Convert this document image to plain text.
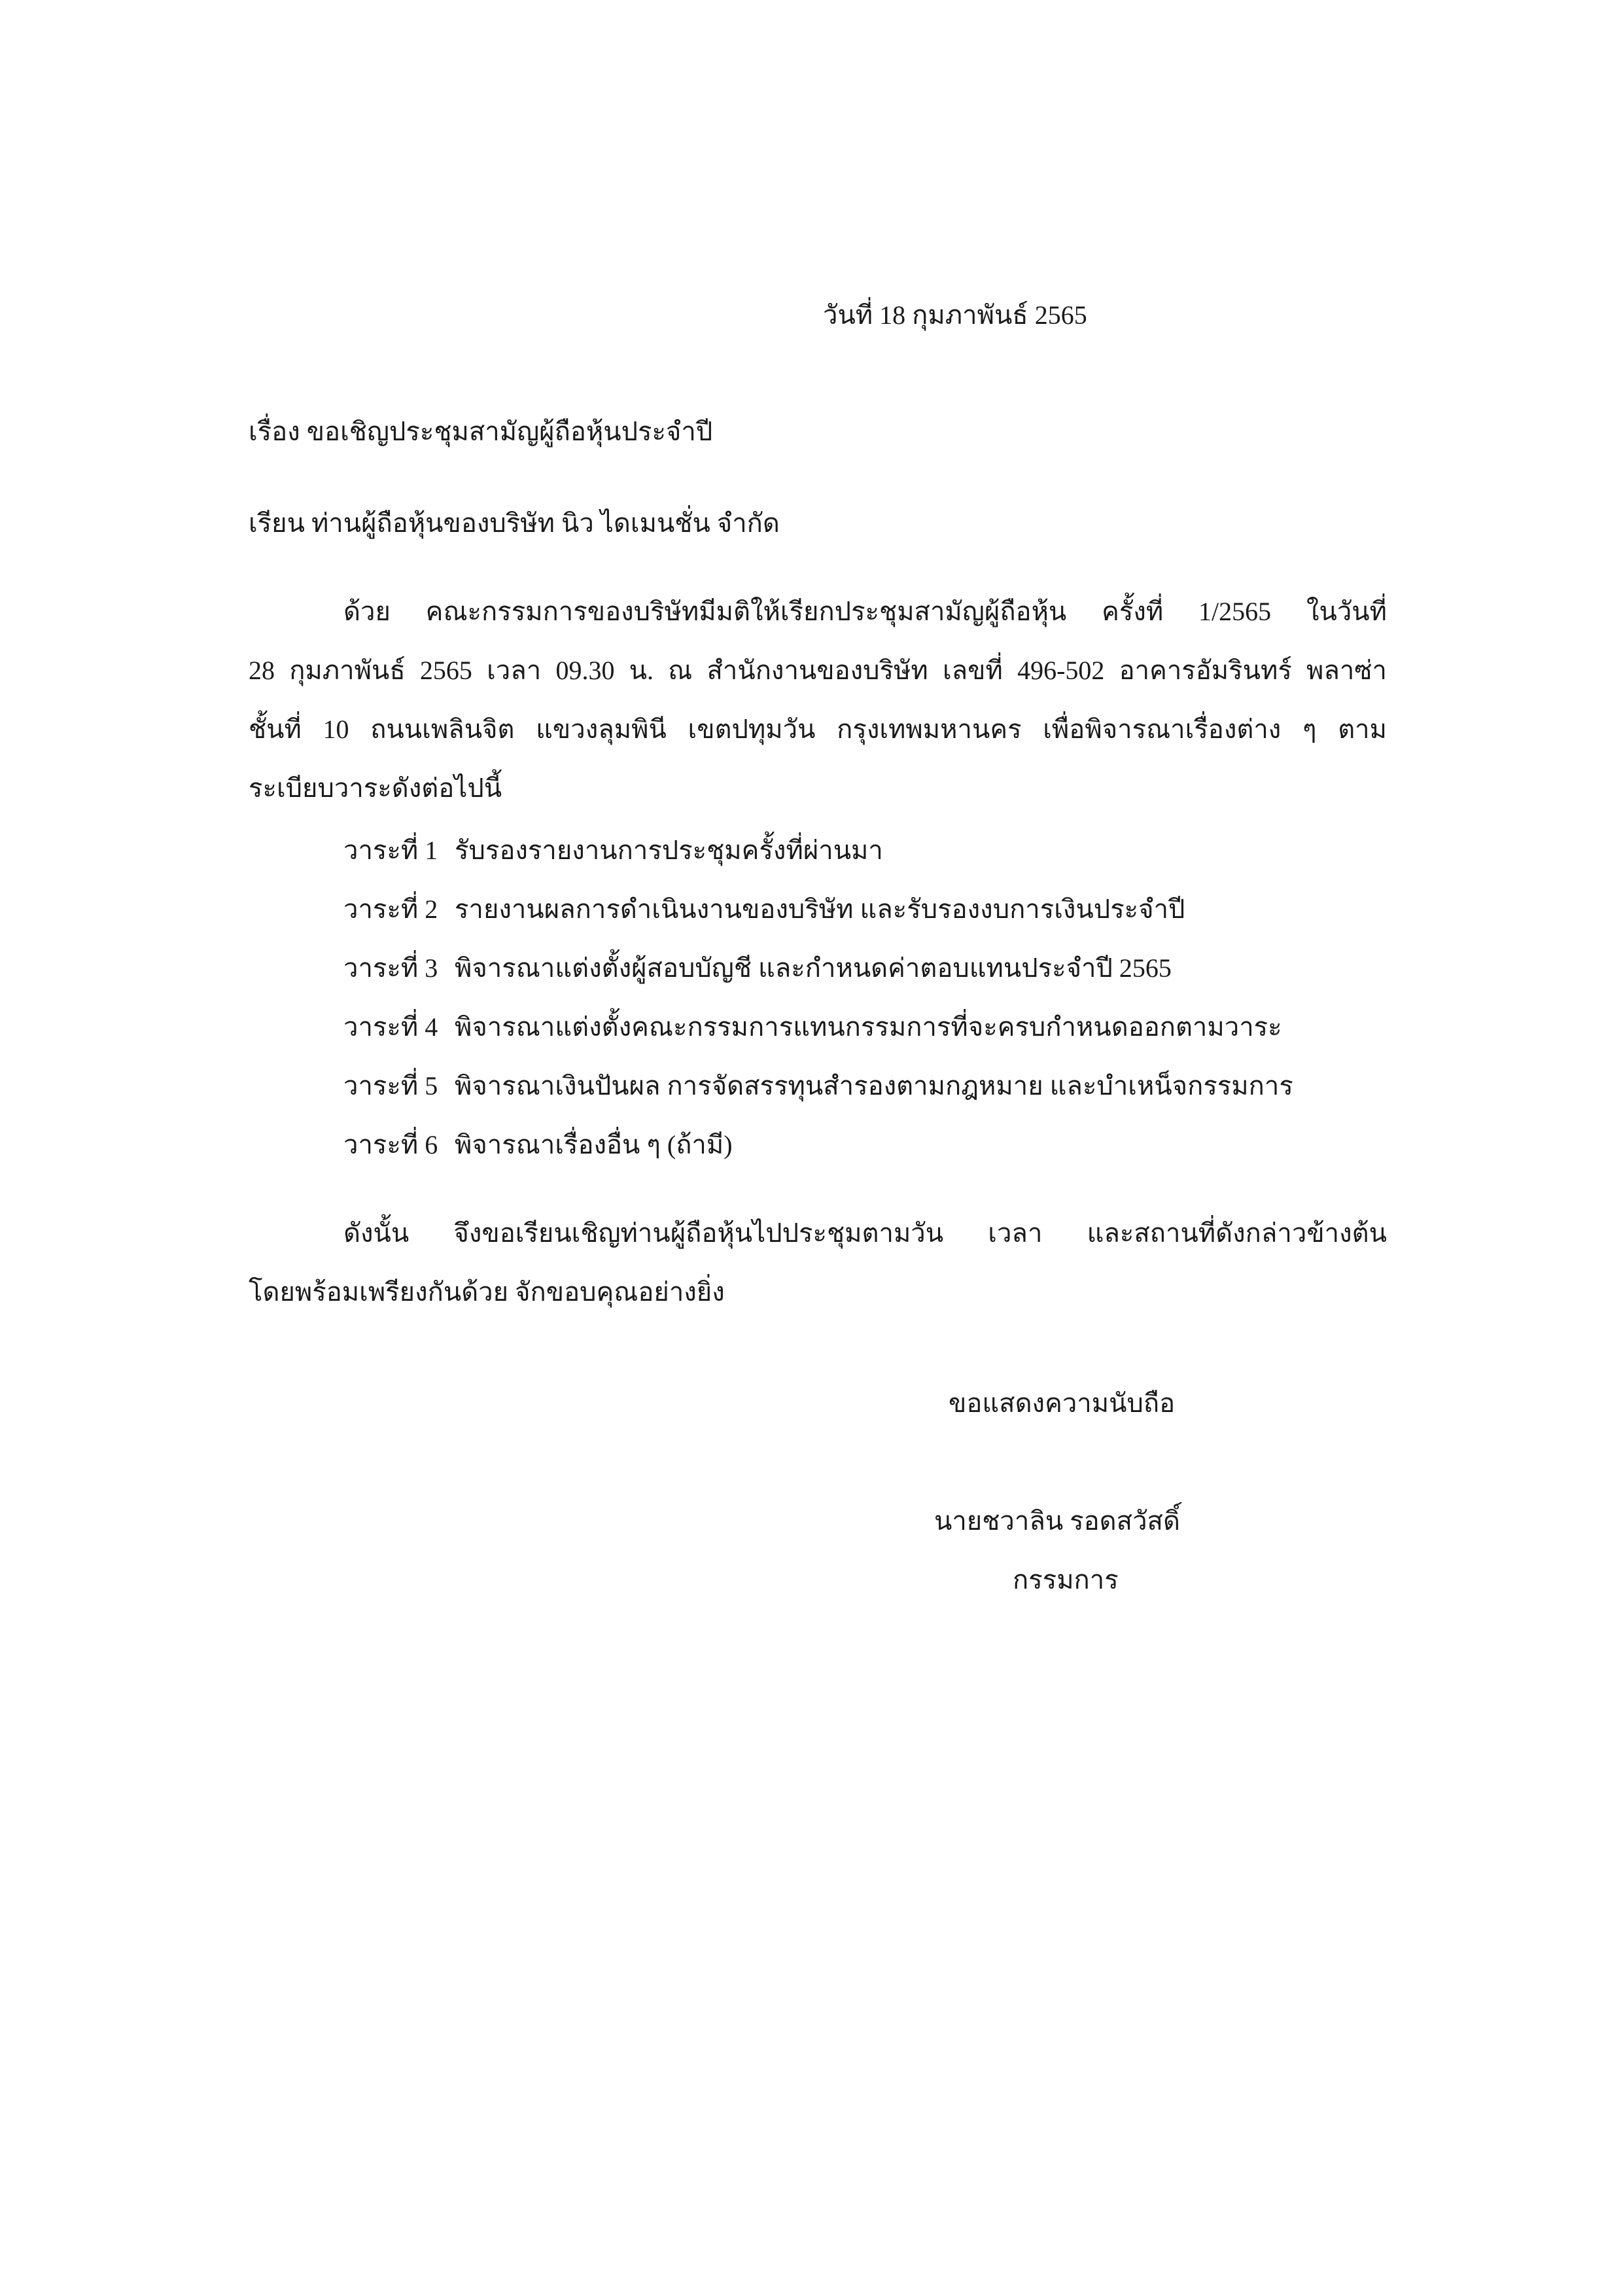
วันที่ 18 กุมภาพันธ์ 2565
เรื่อง ขอเชิญประชุมสามัญผู้ถือหุ้นประจำปี
เรียน ท่านผู้ถือหุ้นของบริษัท นิว ไดเมนชั่น จำกัด
ด้วย คณะกรรมการของบริษัทมีมติให้เรียกประชุมสามัญผู้ถือหุ้น ครั้งที่ 1/2565 ในวันที่
28 กุมภาพันธ์ 2565 เวลา 09.30 น. ณ สำนักงานของบริษัท เลขที่ 496-502 อาคารอัมรินทร์ พลาซ่า
ชั้นที่ 10 ถนนเพลินจิต แขวงลุมพินี เขตปทุมวัน กรุงเทพมหานคร เพื่อพิจารณาเรื่องต่าง ๆ ตาม
ระเบียบวาระดังต่อไปนี้
วาระที่ 1 รับรองรายงานการประชุมครั้งที่ผ่านมา
วาระที่ 2 รายงานผลการดำเนินงานของบริษัท และรับรองงบการเงินประจำปี
วาระที่ 3 พิจารณาแต่งตั้งผู้สอบบัญชี และกำหนดค่าตอบแทนประจำปี 2565
วาระที่ 4 พิจารณาแต่งตั้งคณะกรรมการแทนกรรมการที่จะครบกำหนดออกตามวาระ
วาระที่ 5 พิจารณาเงินปันผล การจัดสรรทุนสำรองตามกฎหมาย และบำเหน็จกรรมการ
วาระที่ 6 พิจารณาเรื่องอื่น ๆ (ถ้ามี)
ดังนั้น จึงขอเรียนเชิญท่านผู้ถือหุ้นไปประชุมตามวัน เวลา และสถานที่ดังกล่าวข้างต้น
โดยพร้อมเพรียงกันด้วย จักขอบคุณอย่างยิ่ง
ขอแสดงความนับถือ
นายชวาลิน รอดสวัสดิ์
กรรมการ
